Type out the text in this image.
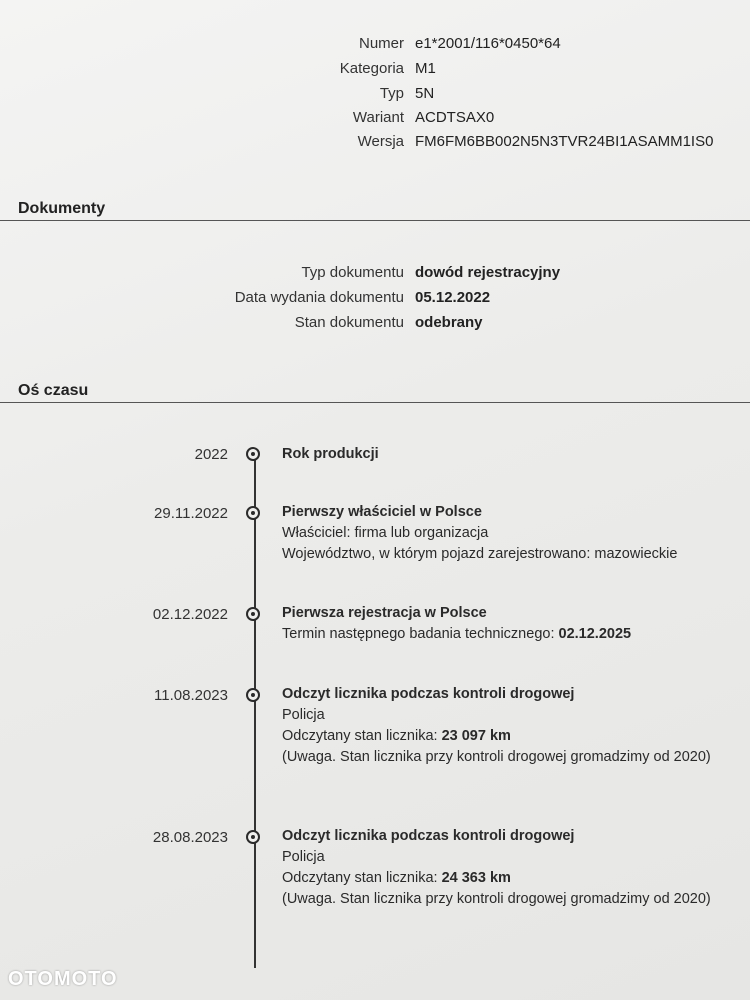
Numer e1*2001/116*0450*64
Kategoria M1
Typ 5N
Wariant ACDTSAX0
Wersja FM6FM6BB002N5N3TVR24BI1ASAMM1IS0
Dokumenty
Typ dokumentu dowód rejestracyjny
Data wydania dokumentu 05.12.2022
Stan dokumentu odebrany
Oś czasu
2022	Rok produkcji
29.11.2022	Pierwszy właściciel w Polsce
Właściciel: firma lub organizacja
Województwo, w którym pojazd zarejestrowano: mazowieckie
02.12.2022	Pierwsza rejestracja w Polsce
Termin następnego badania technicznego: 02.12.2025
11.08.2023	Odczyt licznika podczas kontroli drogowej
Policja
Odczytany stan licznika: 23 097 km
(Uwaga. Stan licznika przy kontroli drogowej gromadzimy od 2020)
28.08.2023	Odczyt licznika podczas kontroli drogowej
Policja
Odczytany stan licznika: 24 363 km
(Uwaga. Stan licznika przy kontroli drogowej gromadzimy od 2020)
OTOMOTO
